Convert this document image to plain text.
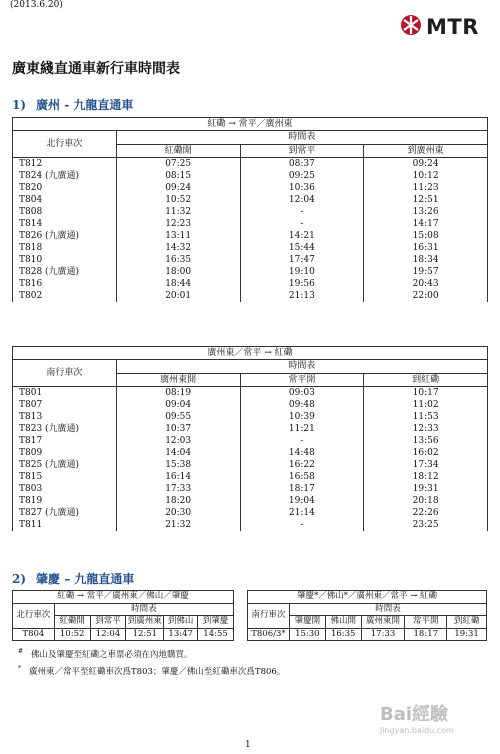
(2013.6.20)
MTR
廣東綫直通車新行車時間表
1) 廣州 - 九龍直通車
紅磡 → 常平／廣州東			
北行車次	時間表		
	紅磡開	到常平	到廣州東
T812	07:25	08:37	09:24
T824 (九廣通)	08:15	09:25	10:12
T820	09:24	10:36	11:23
T804	10:52	12:04	12:51
T808	11:32	-	13:26
T814	12:23	-	14:17
T826 (九廣通)	13:11	14:21	15:08
T818	14:32	15:44	16:31
T810	16:35	17:47	18:34
T828 (九廣通)	18:00	19:10	19:57
T816	18:44	19:56	20:43
T802	20:01	21:13	22:00
廣州東／常平 → 紅磡			
南行車次	時間表		
	廣州東開	常平開	到紅磡
T801	08:19	09:03	10:17
T807	09:04	09:48	11:02
T813	09:55	10:39	11:53
T823 (九廣通)	10:37	11:21	12:33
T817	12:03	-	13:56
T809	14:04	14:48	16:02
T825 (九廣通)	15:38	16:22	17:34
T815	16:14	16:58	18:12
T803	17:33	18:17	19:31
T819	18:20	19:04	20:18
T827 (九廣通)	20:30	21:14	22:26
T811	21:32	-	23:25
2) 肇慶 – 九龍直通車
紅磡 → 常平／廣州東／佛山／肇慶					
北行車次	時間表				
	紅磡開	到常平	到廣州東	到佛山	到肇慶
T804	10:52	12:04	12:51	13:47	14:55
肇慶*／佛山*／廣州東／常平 → 紅磡					
南行車次	時間表				
	肇慶開	佛山開	廣州東開	常平開	到紅磡
T806/3*	15:30	16:35	17:33	18:17	19:31
# 佛山及肇慶至紅磡之車票必須在內地購買。
* 廣州東／常平至紅磡車次爲T803；肇慶／佛山至紅磡車次爲T806。
Bai經驗
jingyan.baidu.com
1
